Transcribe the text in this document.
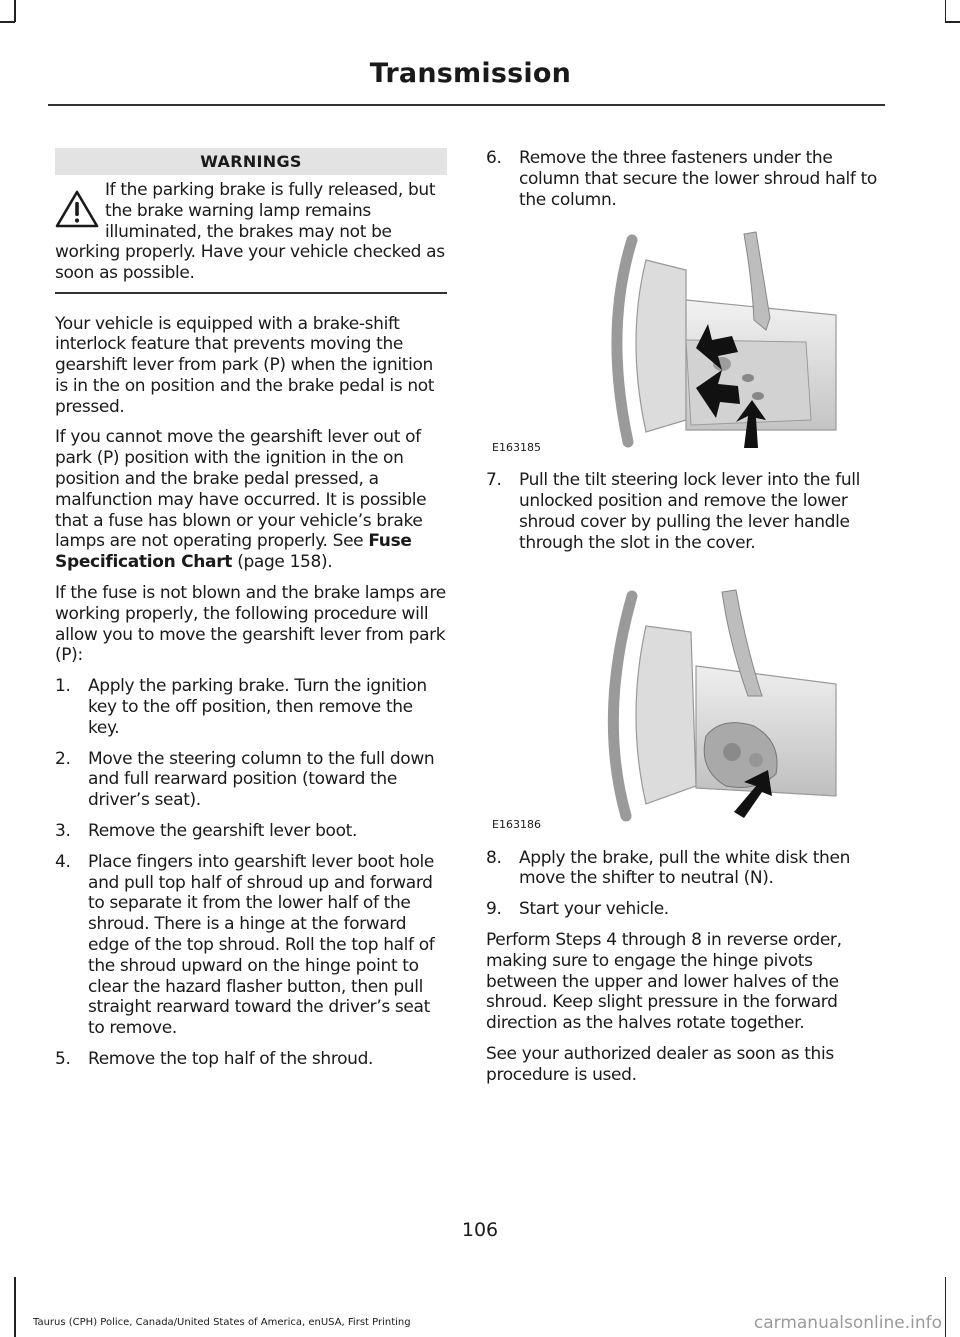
Transmission
WARNINGS
If the parking brake is fully released, but the brake warning lamp remains illuminated, the brakes may not be working properly. Have your vehicle checked as soon as possible.

Your vehicle is equipped with a brake-shift interlock feature that prevents moving the gearshift lever from park (P) when the ignition is in the on position and the brake pedal is not pressed.

If you cannot move the gearshift lever out of park (P) position with the ignition in the on position and the brake pedal pressed, a malfunction may have occurred. It is possible that a fuse has blown or your vehicle’s brake lamps are not operating properly. See Fuse Specification Chart (page 158).

If the fuse is not blown and the brake lamps are working properly, the following procedure will allow you to move the gearshift lever from park (P):

1.	Apply the parking brake. Turn the ignition key to the off position, then remove the key.
2.	Move the steering column to the full down and full rearward position (toward the driver’s seat).
3.	Remove the gearshift lever boot.
4.	Place fingers into gearshift lever boot hole and pull top half of shroud up and forward to separate it from the lower half of the shroud. There is a hinge at the forward edge of the top shroud. Roll the top half of the shroud upward on the hinge point to clear the hazard flasher button, then pull straight rearward toward the driver’s seat to remove.
5.	Remove the top half of the shroud.
6.	Remove the three fasteners under the column that secure the lower shroud half to the column.
E163185
7.	Pull the tilt steering lock lever into the full unlocked position and remove the lower shroud cover by pulling the lever handle through the slot in the cover.
E163186
8.	Apply the brake, pull the white disk then move the shifter to neutral (N).
9.	Start your vehicle.

Perform Steps 4 through 8 in reverse order, making sure to engage the hinge pivots between the upper and lower halves of the shroud. Keep slight pressure in the forward direction as the halves rotate together.

See your authorized dealer as soon as this procedure is used.

106
Taurus (CPH) Police, Canada/United States of America, enUSA, First Printing	carmanualsonline.info
